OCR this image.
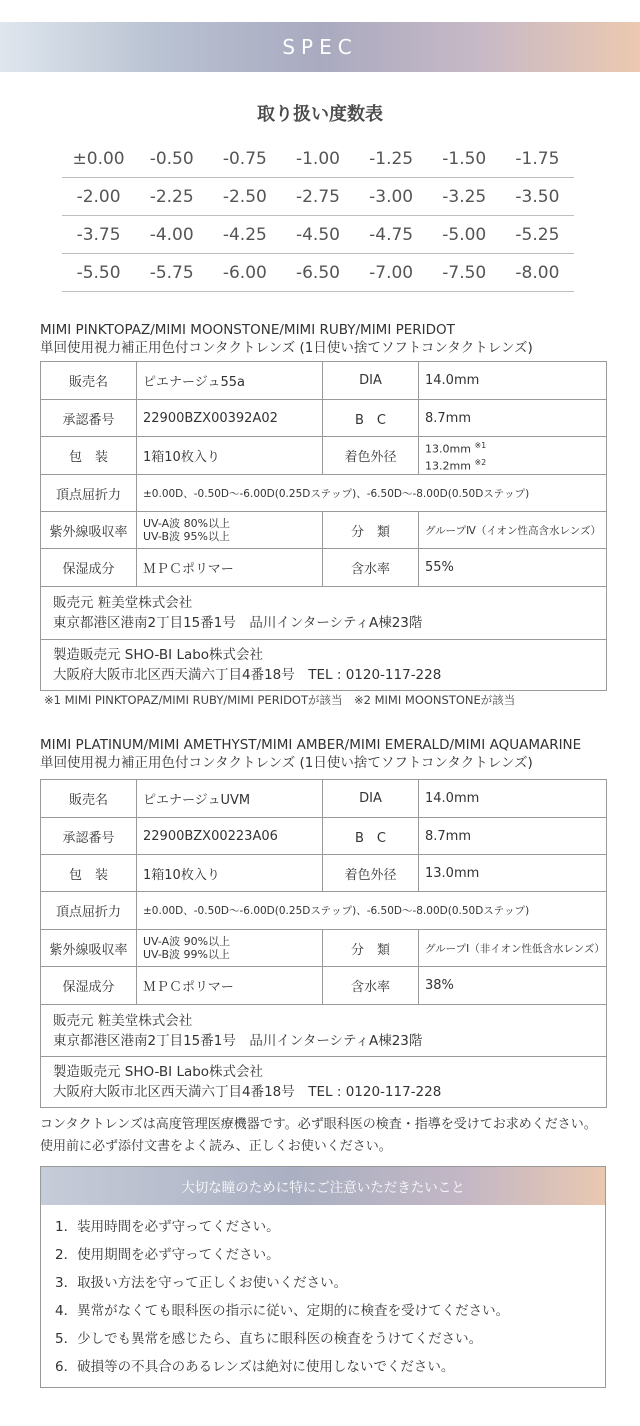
SPEC
取り扱い度数表
±0.00	-0.50	-0.75	-1.00	-1.25	-1.50	-1.75
-2.00	-2.25	-2.50	-2.75	-3.00	-3.25	-3.50
-3.75	-4.00	-4.25	-4.50	-4.75	-5.00	-5.25
-5.50	-5.75	-6.00	-6.50	-7.00	-7.50	-8.00
MIMI PINKTOPAZ/MIMI MOONSTONE/MIMI RUBY/MIMI PERIDOT
単回使用視力補正用色付コンタクトレンズ (1日使い捨てソフトコンタクトレンズ)
販売名	ピエナージュ55a	DIA	14.0mm
承認番号	22900BZX00392A02	B　C	8.7mm
包　装	1箱10枚入り	着色外径	13.0mm $^{※1}$
13.2mm $^{※2}$
頂点屈折力	±0.00D、-0.50D〜-6.00D(0.25Dステップ)、-6.50D〜-8.00D(0.50Dステップ)		
紫外線吸収率	UV-A波 80%以上
UV-B波 95%以上	分　類	グループⅣ（イオン性高含水レンズ）
保湿成分	ＭＰＣポリマー	含水率	55%

販売元 粧美堂株式会社
東京都港区港南2丁目15番1号　品川インターシティA棟23階			

製造販売元 SHO-BI Labo株式会社
大阪府大阪市北区西天満六丁目4番18号　TEL : 0120-117-228			
※1 MIMI PINKTOPAZ/MIMI RUBY/MIMI PERIDOTが該当　※2 MIMI MOONSTONEが該当
MIMI PLATINUM/MIMI AMETHYST/MIMI AMBER/MIMI EMERALD/MIMI AQUAMARINE
単回使用視力補正用色付コンタクトレンズ (1日使い捨てソフトコンタクトレンズ)
販売名	ピエナージュUVM	DIA	14.0mm
承認番号	22900BZX00223A06	B　C	8.7mm
包　装	1箱10枚入り	着色外径	13.0mm
頂点屈折力	±0.00D、-0.50D〜-6.00D(0.25Dステップ)、-6.50D〜-8.00D(0.50Dステップ)		
紫外線吸収率	UV-A波 90%以上
UV-B波 99%以上	分　類	グループⅠ（非イオン性低含水レンズ）
保湿成分	ＭＰＣポリマー	含水率	38%

販売元 粧美堂株式会社
東京都港区港南2丁目15番1号　品川インターシティA棟23階			

製造販売元 SHO-BI Labo株式会社
大阪府大阪市北区西天満六丁目4番18号　TEL : 0120-117-228			
コンタクトレンズは高度管理医療機器です。必ず眼科医の検査・指導を受けてお求めください。
使用前に必ず添付文書をよく読み、正しくお使いください。
大切な瞳のために特にご注意いただきたいこと
1．装用時間を必ず守ってください。
2．使用期間を必ず守ってください。
3．取扱い方法を守って正しくお使いください。
4．異常がなくても眼科医の指示に従い、定期的に検査を受けてください。
5．少しでも異常を感じたら、直ちに眼科医の検査をうけてください。
6．破損等の不具合のあるレンズは絶対に使用しないでください。
